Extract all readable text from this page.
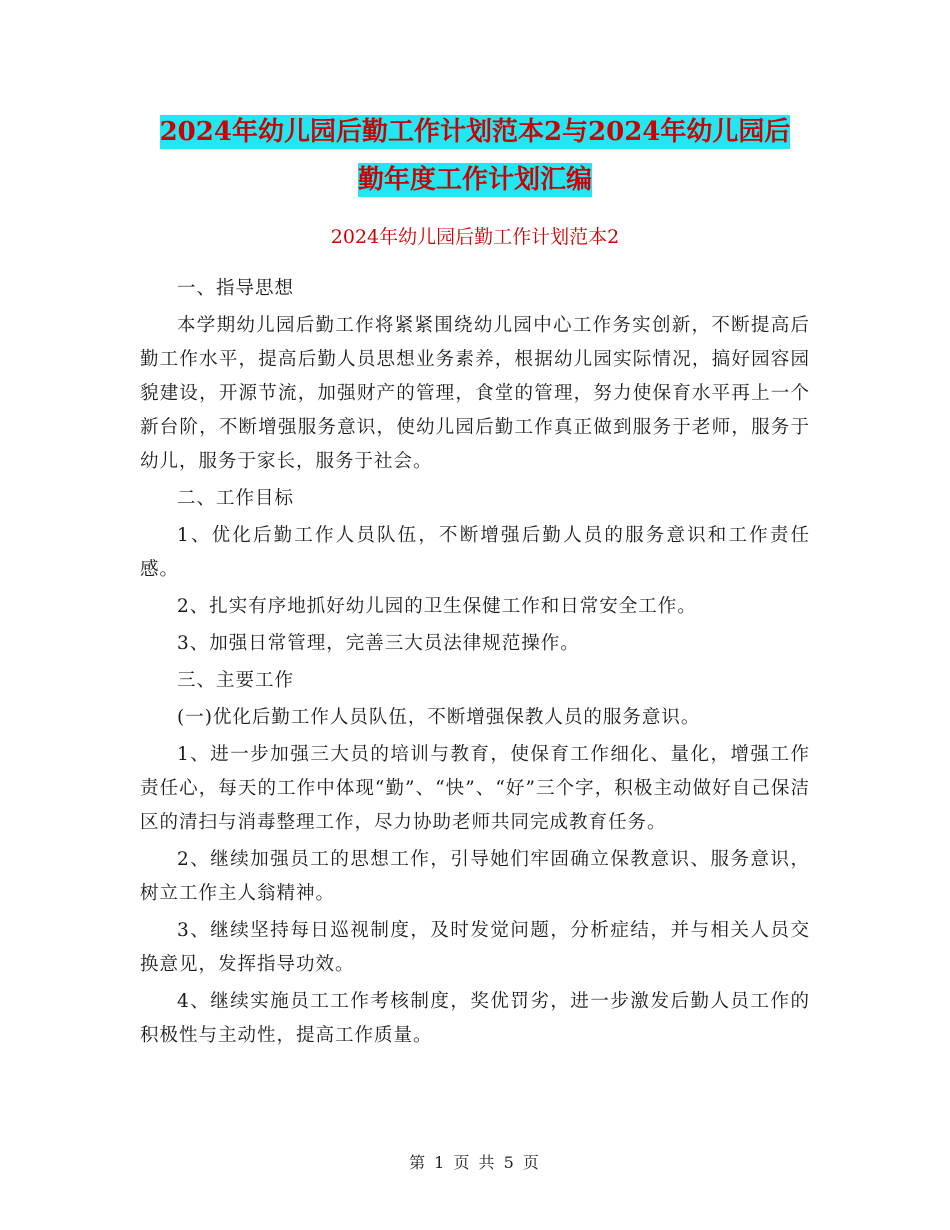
2024年幼儿园后勤工作计划范本2与2024年幼儿园后
勤年度工作计划汇编
2024年幼儿园后勤工作计划范本2

一、指导思想

本学期幼儿园后勤工作将紧紧围绕幼儿园中心工作务实创新，不断提高后勤工作水平，提高后勤人员思想业务素养，根据幼儿园实际情况，搞好园容园貌建设，开源节流，加强财产的管理，食堂的管理，努力使保育水平再上一个新台阶，不断增强服务意识，使幼儿园后勤工作真正做到服务于老师，服务于幼儿，服务于家长，服务于社会。

二、工作目标

1、优化后勤工作人员队伍，不断增强后勤人员的服务意识和工作责任感。

2、扎实有序地抓好幼儿园的卫生保健工作和日常安全工作。

3、加强日常管理，完善三大员法律规范操作。

三、主要工作

(一)优化后勤工作人员队伍，不断增强保教人员的服务意识。

1、进一步加强三大员的培训与教育，使保育工作细化、量化，增强工作责任心，每天的工作中体现“勤”、“快”、“好”三个字，积极主动做好自己保洁区的清扫与消毒整理工作，尽力协助老师共同完成教育任务。

2、继续加强员工的思想工作，引导她们牢固确立保教意识、服务意识，树立工作主人翁精神。

3、继续坚持每日巡视制度，及时发觉问题，分析症结，并与相关人员交换意见，发挥指导功效。

4、继续实施员工工作考核制度，奖优罚劣，进一步激发后勤人员工作的积极性与主动性，提高工作质量。

第 1 页 共 5 页
